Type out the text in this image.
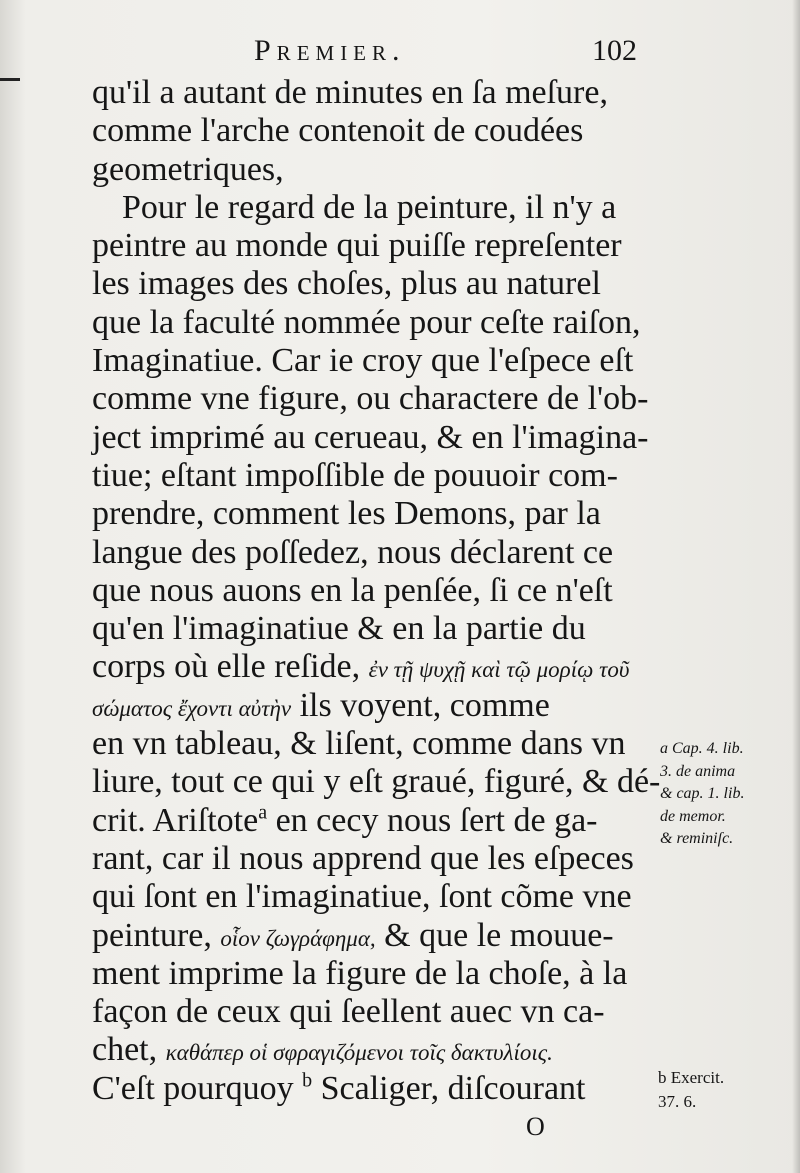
Premier.	102
qu'il a autant de minutes en ſa meſure,
comme l'arche contenoit de coudées
geometriques,
Pour le regard de la peinture, il n'y a
peintre au monde qui puiſſe repreſenter
les images des choſes, plus au naturel
que la faculté nommée pour ceſte raiſon,
Imaginatiue. Car ie croy que l'eſpece eſt
comme vne figure, ou charactere de l'ob-
ject imprimé au cerueau, & en l'imagina-
tiue; eſtant impoſſible de pouuoir com-
prendre, comment les Demons, par la
langue des poſſedez, nous déclarent ce
que nous auons en la penſée, ſi ce n'eſt
qu'en l'imaginatiue & en la partie du
corps où elle reſide, ἐν τῇ ψυχῇ καὶ τῷ μορίῳ τοῦ
σώματος ἔχοντι αὐτὴν ils voyent, comme
en vn tableau, & liſent, comme dans vn
liure, tout ce qui y eſt graué, figuré, & dé-
crit. Ariſtote$^a$ en cecy nous ſert de ga-
rant, car il nous apprend que les eſpeces
qui ſont en l'imaginatiue, ſont cõme vne
peinture, οἷον ζωγράφημα, & que le mouue-
ment imprime la figure de la choſe, à la
façon de ceux qui ſeellent auec vn ca-
chet, καθάπερ οἱ σφραγιζόμενοι τοῖς δακτυλίοις.
C'eſt pourquoy $^b$ Scaliger, diſcourant
a Cap. 4. lib.
3. de anima
& cap. 1. lib.
de memor.
& reminiſc.
b Exercit.
37. 6.
O
